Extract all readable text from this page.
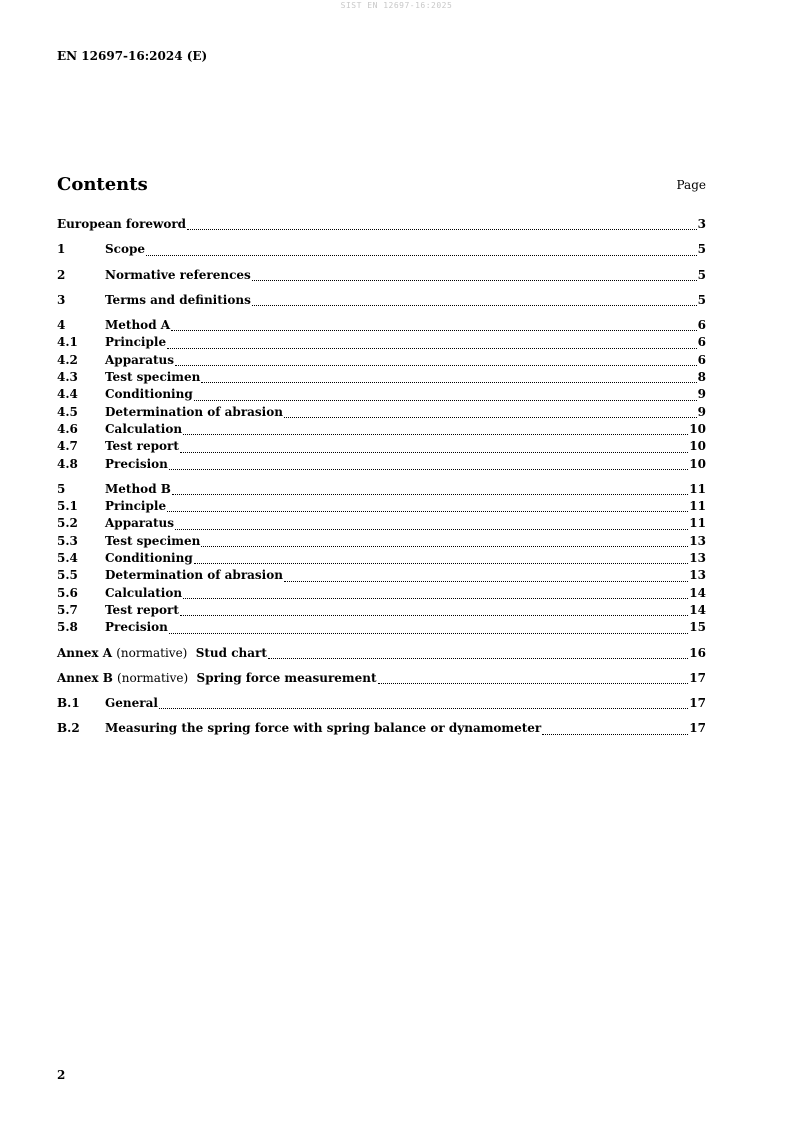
SIST EN 12697-16:2025
EN 12697-16:2024 (E)
Contents	Page
European foreword	3
1	Scope	5
2	Normative references	5
3	Terms and definitions	5
4	Method A	6
4.1	Principle	6
4.2	Apparatus	6
4.3	Test specimen	8
4.4	Conditioning	9
4.5	Determination of abrasion	9
4.6	Calculation	10
4.7	Test report	10
4.8	Precision	10
5	Method B	11
5.1	Principle	11
5.2	Apparatus	11
5.3	Test specimen	13
5.4	Conditioning	13
5.5	Determination of abrasion	13
5.6	Calculation	14
5.7	Test report	14
5.8	Precision	15
Annex A (normative)  Stud chart	16
Annex B (normative)  Spring force measurement	17
B.1	General	17
B.2	Measuring the spring force with spring balance or dynamometer	17
2
